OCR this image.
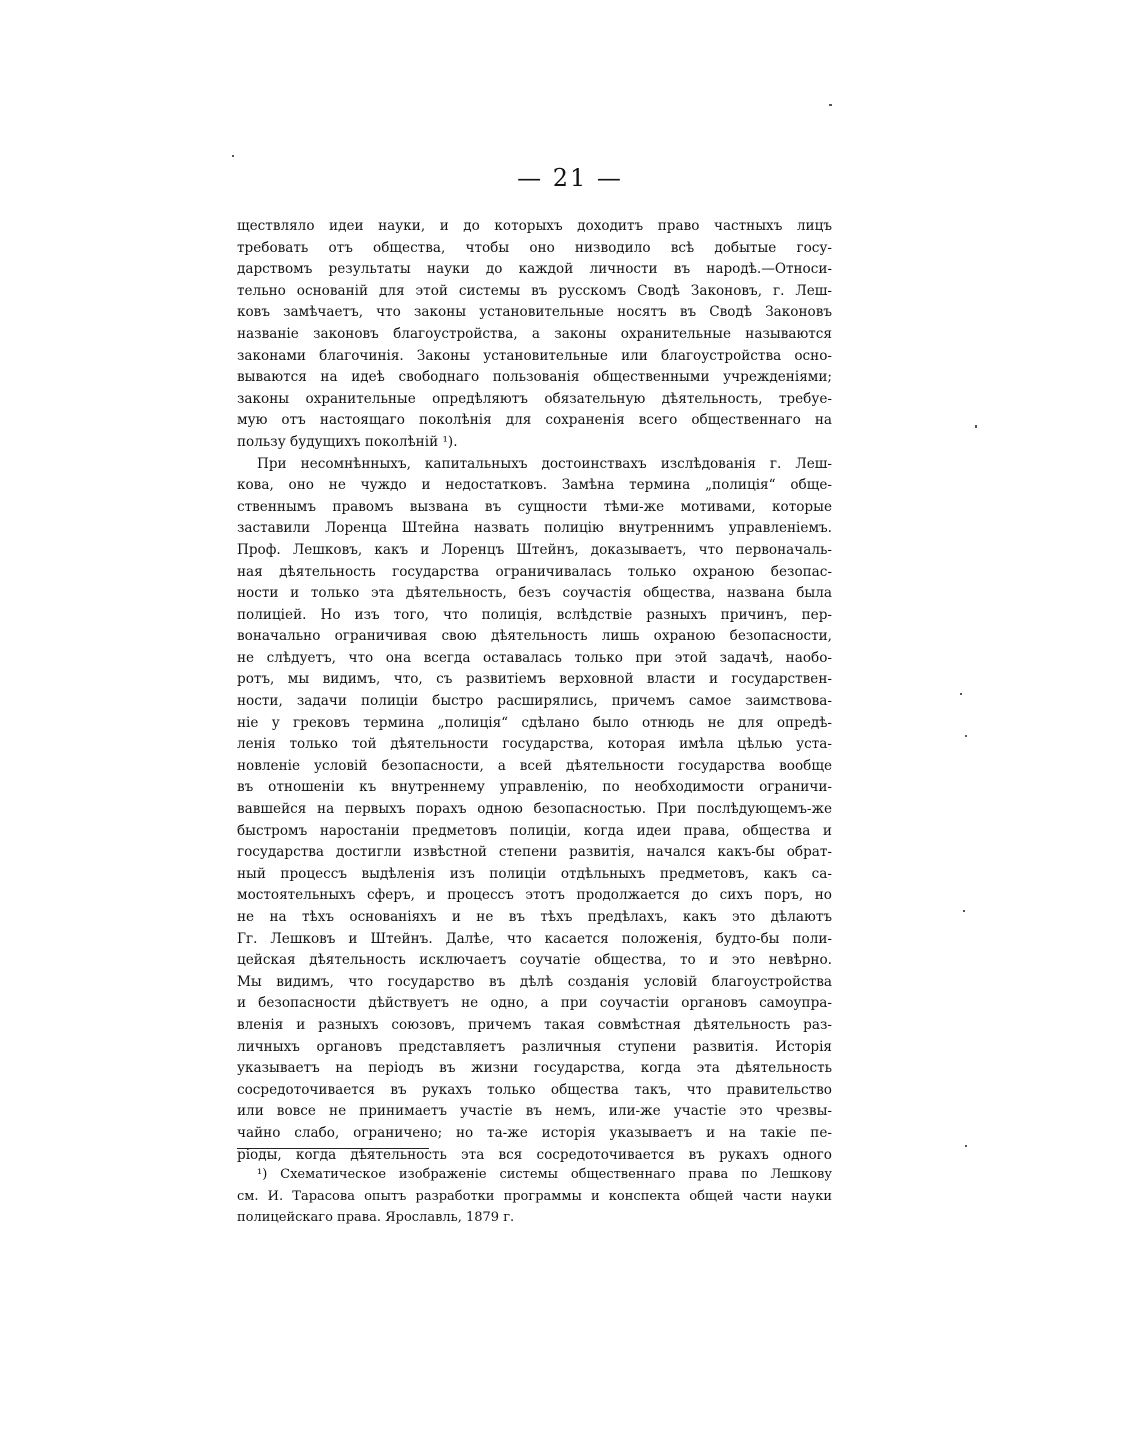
— 21 —
ществляло идеи науки, и до которыхъ доходитъ право частныхъ лицъ
требовать отъ общества, чтобы оно низводило всѣ добытые госу-
дарствомъ результаты науки до каждой личности въ народѣ.—Относи-
тельно основаній для этой системы въ русскомъ Сводѣ Законовъ, г. Леш-
ковъ замѣчаетъ, что законы установительные носятъ въ Сводѣ Законовъ
названіе законовъ благоустройства, а законы охранительные называются
законами благочинія. Законы установительные или благоустройства осно-
вываются на идеѣ свободнаго пользованія общественными учрежденіями;
законы охранительные опредѣляютъ обязательную дѣятельность, требуе-
мую отъ настоящаго поколѣнія для сохраненія всего общественнаго на
пользу будущихъ поколѣній ¹).
При несомнѣнныхъ, капитальныхъ достоинствахъ изслѣдованія г. Леш-
кова, оно не чуждо и недостатковъ. Замѣна термина „полиція“ обще-
ственнымъ правомъ вызвана въ сущности тѣми-же мотивами, которые
заставили Лоренца Штейна назвать полицію внутреннимъ управленіемъ.
Проф. Лешковъ, какъ и Лоренцъ Штейнъ, доказываетъ, что первоначаль-
ная дѣятельность государства ограничивалась только охраною безопас-
ности и только эта дѣятельность, безъ соучастія общества, названа была
полиціей. Но изъ того, что полиція, вслѣдствіе разныхъ причинъ, пер-
воначально ограничивая свою дѣятельность лишь охраною безопасности,
не слѣдуетъ, что она всегда оставалась только при этой задачѣ, наобо-
ротъ, мы видимъ, что, съ развитіемъ верховной власти и государствен-
ности, задачи полиціи быстро расширялись, причемъ самое заимствова-
ніе у грековъ термина „полиція“ сдѣлано было отнюдь не для опредѣ-
ленія только той дѣятельности государства, которая имѣла цѣлью уста-
новленіе условій безопасности, а всей дѣятельности государства вообще
въ отношеніи къ внутреннему управленію, по необходимости ограничи-
вавшейся на первыхъ порахъ одною безопасностью. При послѣдующемъ-же
быстромъ наростаніи предметовъ полиціи, когда идеи права, общества и
государства достигли извѣстной степени развитія, начался какъ-бы обрат-
ный процессъ выдѣленія изъ полиціи отдѣльныхъ предметовъ, какъ са-
мостоятельныхъ сферъ, и процессъ этотъ продолжается до сихъ поръ, но
не на тѣхъ основаніяхъ и не въ тѣхъ предѣлахъ, какъ это дѣлаютъ
Гг. Лешковъ и Штейнъ. Далѣе, что касается положенія, будто-бы поли-
цейская дѣятельность исключаетъ соучатіе общества, то и это невѣрно.
Мы видимъ, что государство въ дѣлѣ созданія условій благоустройства
и безопасности дѣйствуетъ не одно, а при соучастіи органовъ самоупра-
вленія и разныхъ союзовъ, причемъ такая совмѣстная дѣятельность раз-
личныхъ органовъ представляетъ различныя ступени развитія. Исторія
указываетъ на періодъ въ жизни государства, когда эта дѣятельность
сосредоточивается въ рукахъ только общества такъ, что правительство
или вовсе не принимаетъ участіе въ немъ, или-же участіе это чрезвы-
чайно слабо, ограничено; но та-же исторія указываетъ и на такіе пе-
ріоды, когда дѣятельность эта вся сосредоточивается въ рукахъ одного
¹) Схематическое изображеніе системы общественнаго права по Лешкову
см. И. Тарасова опытъ разработки программы и конспекта общей части науки
полицейскаго права. Ярославль, 1879 г.
